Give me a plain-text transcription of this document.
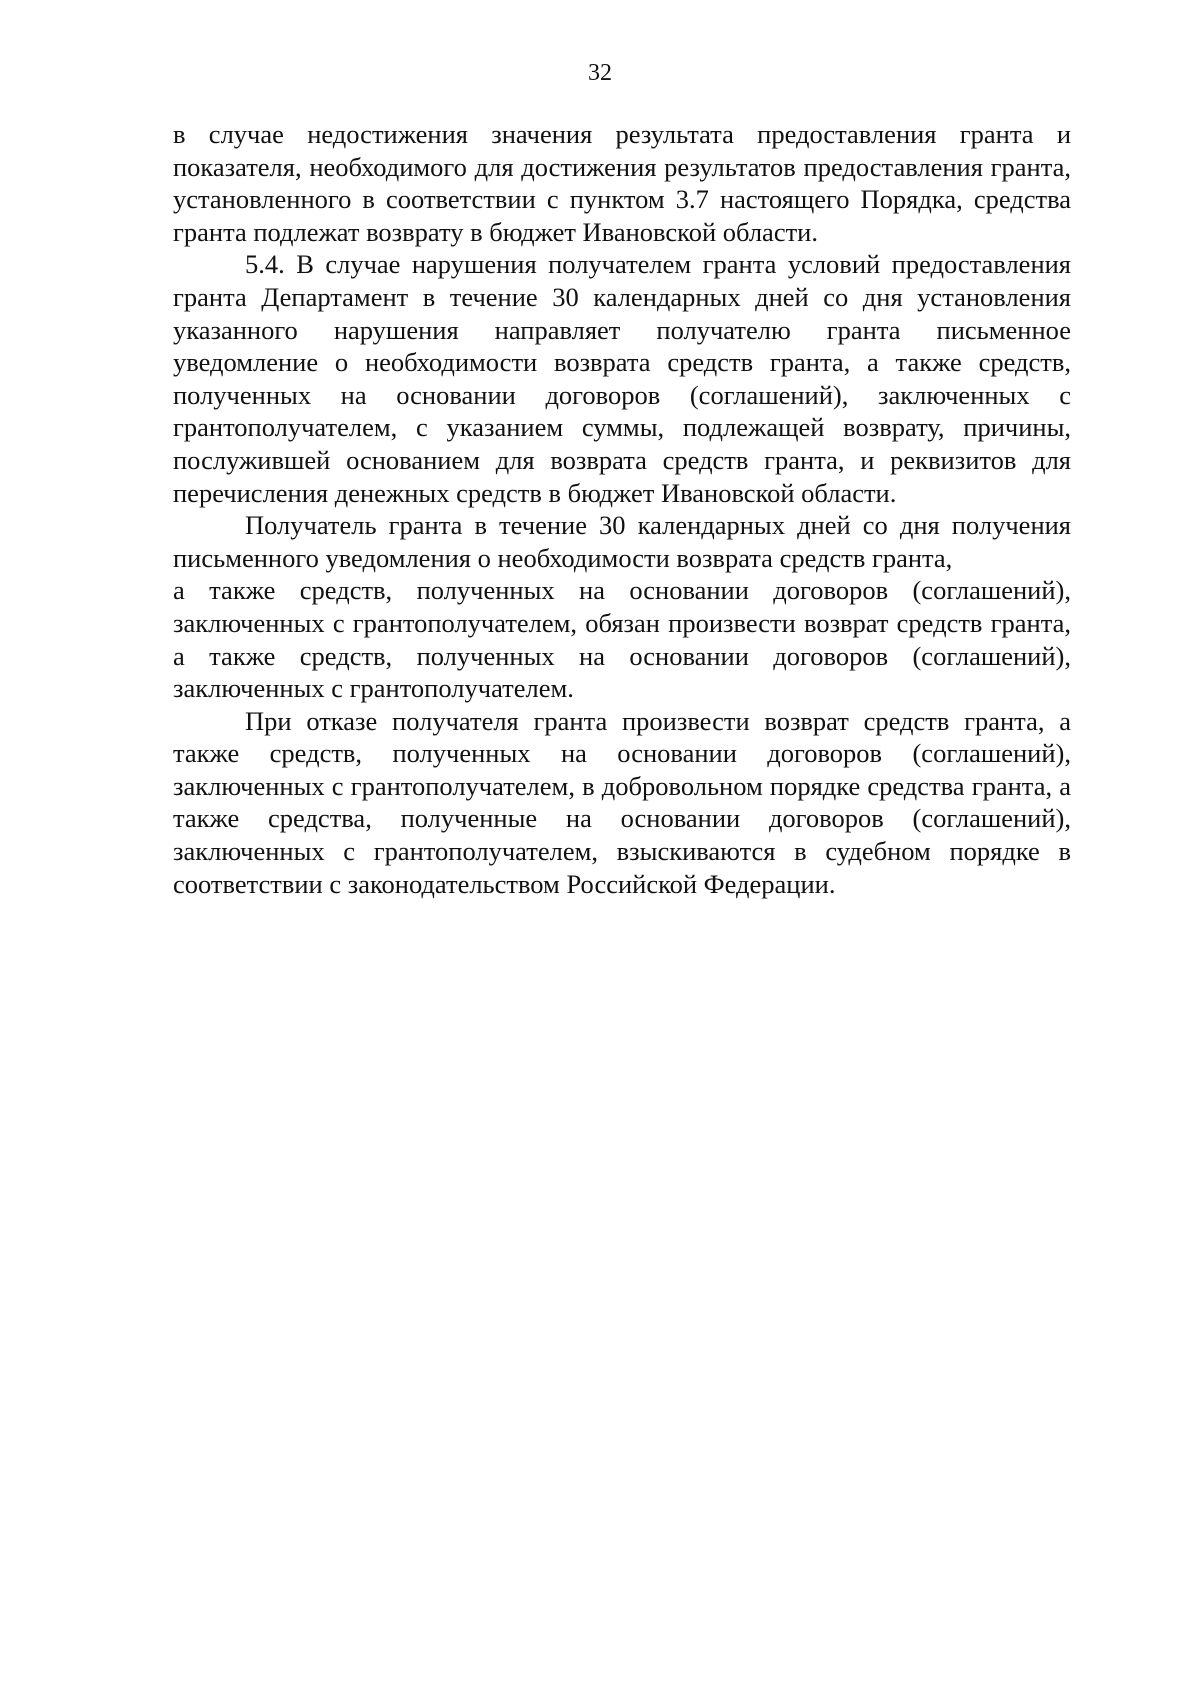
32

в случае недостижения значения результата предоставления гранта и показателя, необходимого для достижения результатов предоставления гранта, установленного в соответствии с пунктом 3.7 настоящего Порядка, средства гранта подлежат возврату в бюджет Ивановской области.

5.4. В случае нарушения получателем гранта условий предоставления гранта Департамент в течение 30 календарных дней со дня установления указанного нарушения направляет получателю гранта письменное уведомление о необходимости возврата средств гранта, а также средств, полученных на основании договоров (соглашений), заключенных с грантополучателем, с указанием суммы, подлежащей возврату, причины, послужившей основанием для возврата средств гранта, и реквизитов для перечисления денежных средств в бюджет Ивановской области.

Получатель гранта в течение 30 календарных дней со дня получения письменного уведомления о необходимости возврата средств гранта,

а также средств, полученных на основании договоров (соглашений), заключенных с грантополучателем, обязан произвести возврат средств гранта, а также средств, полученных на основании договоров (соглашений), заключенных с грантополучателем.

При отказе получателя гранта произвести возврат средств гранта, а также средств, полученных на основании договоров (соглашений), заключенных с грантополучателем, в добровольном порядке средства гранта, а также средства, полученные на основании договоров (соглашений), заключенных с грантополучателем, взыскиваются в судебном порядке в соответствии с законодательством Российской Федерации.
